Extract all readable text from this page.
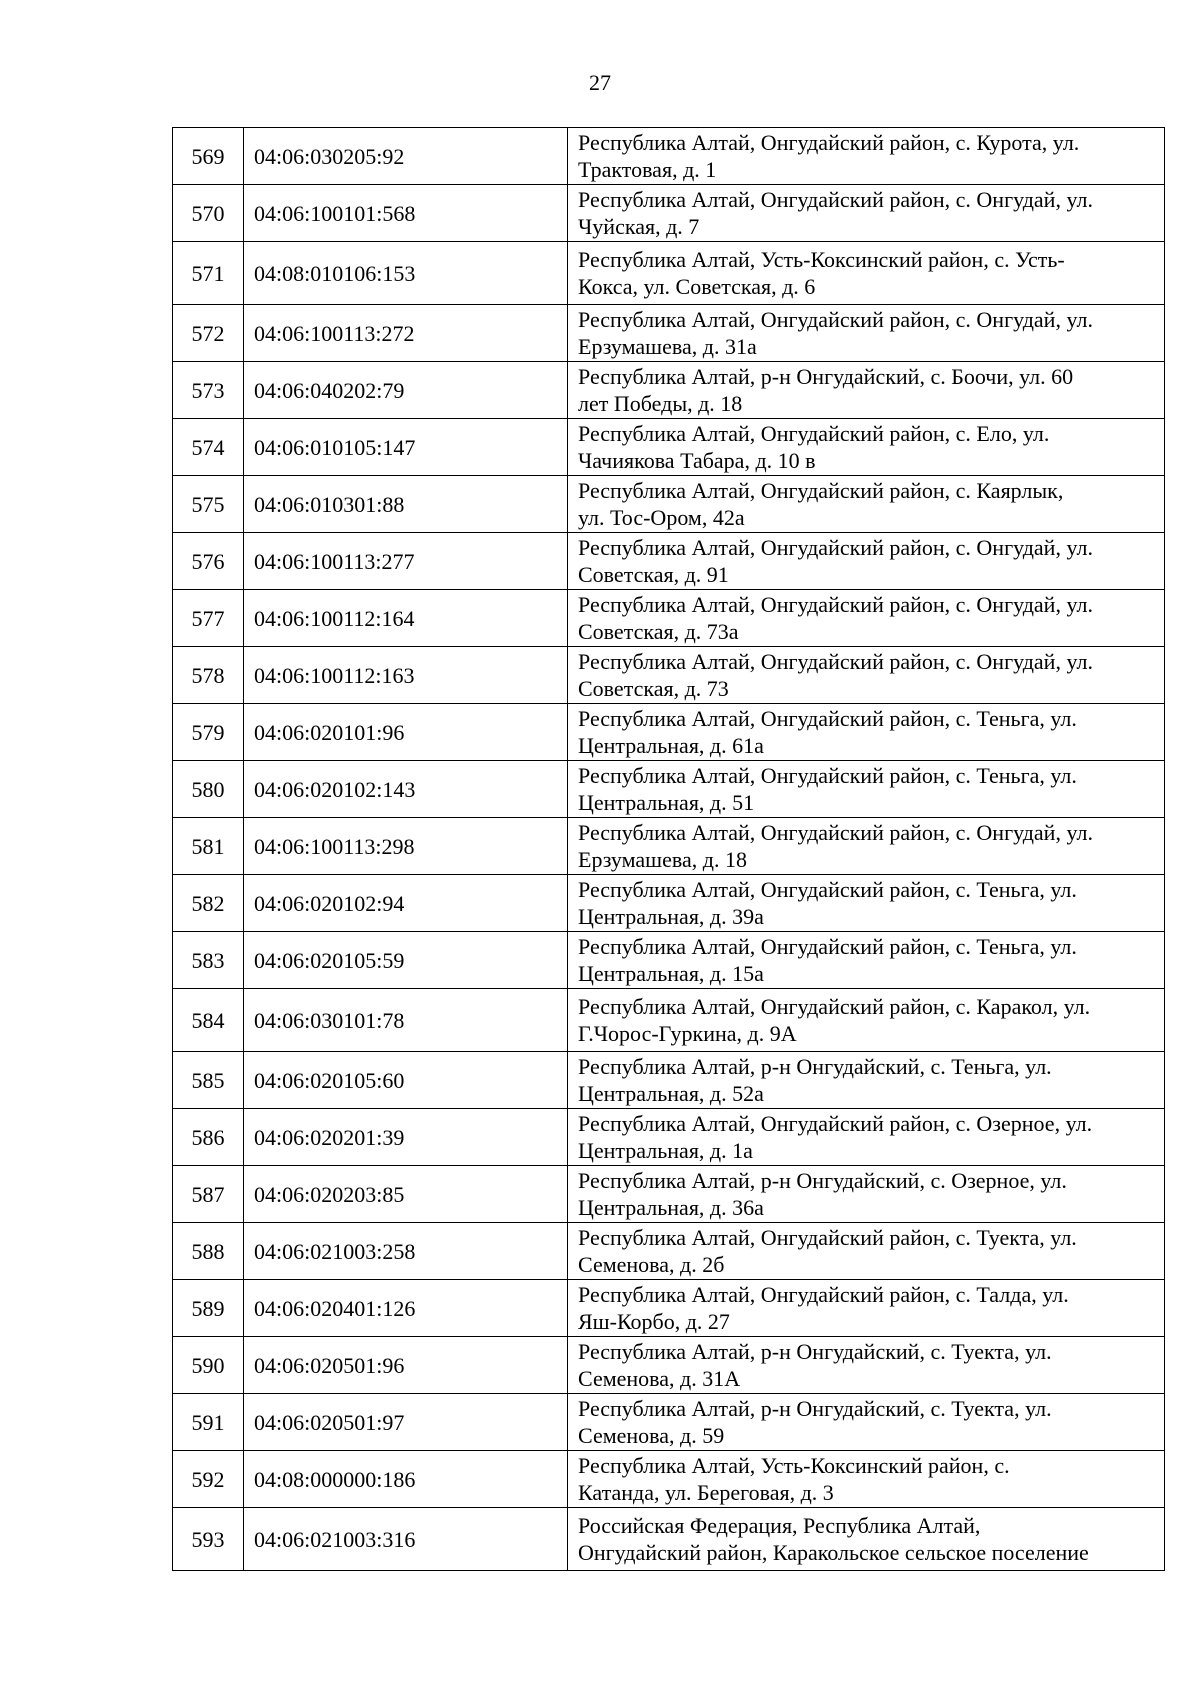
27
569	04:06:030205:92	Республика Алтай, Онгудайский район, с. Курота, ул.
Трактовая, д. 1

570	04:06:100101:568	Республика Алтай, Онгудайский район, с. Онгудай, ул.
Чуйская, д. 7

571	04:08:010106:153	Республика Алтай, Усть-Коксинский район, с. Усть-
Кокса, ул. Советская, д. 6

572	04:06:100113:272	Республика Алтай, Онгудайский район, с. Онгудай, ул.
Ерзумашева, д. 31а

573	04:06:040202:79	Республика Алтай, р-н Онгудайский, с. Боочи, ул. 60
лет Победы, д. 18

574	04:06:010105:147	Республика Алтай, Онгудайский район, с. Ело, ул.
Чачиякова Табара, д. 10 в

575	04:06:010301:88	Республика Алтай, Онгудайский район, с. Каярлык,
ул. Тос-Ором, 42а

576	04:06:100113:277	Республика Алтай, Онгудайский район, с. Онгудай, ул.
Советская, д. 91

577	04:06:100112:164	Республика Алтай, Онгудайский район, с. Онгудай, ул.
Советская, д. 73а

578	04:06:100112:163	Республика Алтай, Онгудайский район, с. Онгудай, ул.
Советская, д. 73

579	04:06:020101:96	Республика Алтай, Онгудайский район, с. Теньга, ул.
Центральная, д. 61а

580	04:06:020102:143	Республика Алтай, Онгудайский район, с. Теньга, ул.
Центральная, д. 51

581	04:06:100113:298	Республика Алтай, Онгудайский район, с. Онгудай, ул.
Ерзумашева, д. 18

582	04:06:020102:94	Республика Алтай, Онгудайский район, с. Теньга, ул.
Центральная, д. 39а

583	04:06:020105:59	Республика Алтай, Онгудайский район, с. Теньга, ул.
Центральная, д. 15а

584	04:06:030101:78	Республика Алтай, Онгудайский район, с. Каракол, ул.
Г.Чорос-Гуркина, д. 9А

585	04:06:020105:60	Республика Алтай, р-н Онгудайский, с. Теньга, ул.
Центральная, д. 52а

586	04:06:020201:39	Республика Алтай, Онгудайский район, с. Озерное, ул.
Центральная, д. 1а

587	04:06:020203:85	Республика Алтай, р-н Онгудайский, с. Озерное, ул.
Центральная, д. 36а

588	04:06:021003:258	Республика Алтай, Онгудайский район, с. Туекта, ул.
Семенова, д. 2б

589	04:06:020401:126	Республика Алтай, Онгудайский район, с. Талда, ул.
Яш-Корбо, д. 27

590	04:06:020501:96	Республика Алтай, р-н Онгудайский, с. Туекта, ул.
Семенова, д. 31А

591	04:06:020501:97	Республика Алтай, р-н Онгудайский, с. Туекта, ул.
Семенова, д. 59

592	04:08:000000:186	Республика Алтай, Усть-Коксинский район, с.
Катанда, ул. Береговая, д. 3

593	04:06:021003:316	Российская Федерация, Республика Алтай,
Онгудайский район, Каракольское сельское поселение
